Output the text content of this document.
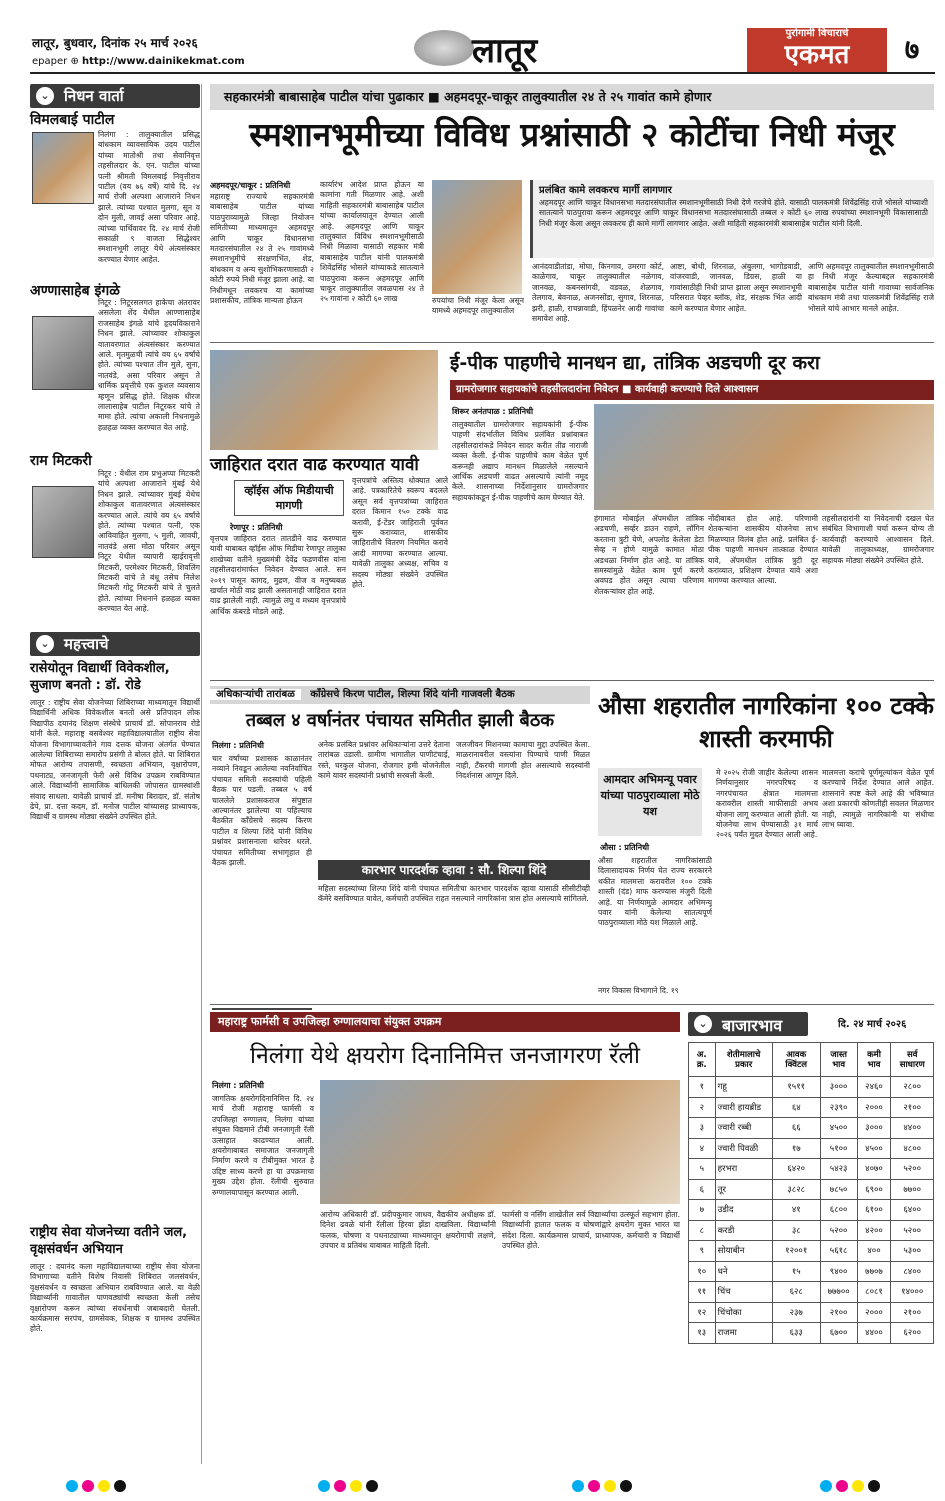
लातूर, बुधवार, दिनांक २५ मार्च २०२६
epaper ⊕ http://www.dainikekmat.com	लातूर	पुरोगामी विचाराचे
एकमत	७
⌄ निधन वार्ता
विमलबाई पाटील
निलंगा : तालुक्यातील प्रसिद्ध बांधकाम व्यावसायिक उदय पाटील यांच्या मातोश्री तथा सेवानिवृत्त तहसीलदार के. एन. पाटील यांच्या पत्नी श्रीमती विमलबाई निवृत्तीराव पाटील (वय ७६ वर्षे) यांचे दि. २४ मार्च रोजी अल्पशा आजाराने निधन झाले. त्यांच्या पश्चात मुलगा, सून व दोन मुली, जावई असा परिवार आहे. त्यांच्या पार्थिवावर दि. २४ मार्च रोजी सकाळी ९ वाजता सिद्धेश्वर स्मशानभूमी लातूर येथे अंत्यसंस्कार करण्यात येणार आहेत.
अण्णासाहेब इंगळे
निटूर : निटूरसलगत हाकेचा अंतरावर असलेला शेंद येथील आण्णासाहेब राजसाहेब इंगळे यांचे हृदयविकाराने निधन झाले. त्यांच्यावर शोकाकुल वातावरणात अंत्यसंस्कार करण्यात आले. मृतमुळची त्यांचे वय ६५ वर्षांचे होते. त्यांच्या पश्चात तीन मुले, सुना, नातवंडे, असा परिवार असून ते धार्मिक प्रवृत्तीचे एक कुशल व्यवसाय म्हणून प्रसिद्ध होते. शिक्षक धीरज लालासाहेब पाटील निटूरकर यांचे ते मामा होते. त्यांचा अकाली निधनामुळे हळहळ व्यक्त करण्यात येत आहे.
राम मिटकरी
निटूर : येथील राम प्रभुअप्पा मिटकरी यांचे अल्पशा आजाराने मुंबई येथे निधन झाले. त्यांच्यावर मुंबई येथेच शोकाकुल वातावरणात अंत्यसंस्कार करण्यात आले. त्यांचे वय ६५ वर्षांचे होते. त्यांच्या पश्चात पत्नी, एक आविवाहित मुलगा, ५ मुली, जावयी, नातवंडे असा मोठा परिवार असून निटूर येथील व्यापारी व्हाईरावृत्ती मिटकरी, परमेश्वर मिटकरी, शिवलिंग मिटकरी यांचे ते बंधू तसेच निलेश मिटकरी गोटू मिटकरी यांचे ते चुलते होते. त्यांच्या निधनाने हळहळ व्यक्त करण्यात येत आहे.
⌄ महत्त्वाचे
रासेयोतून विद्यार्थी विवेकशील, सुजाण बनतो : डॉ. रोडे
लातूर : राष्ट्रीय सेवा योजनेच्या शिबिराच्या माध्यमातून विद्यार्थी विद्यार्थिनी अधिक विवेकशील बनतो असे प्रतिपादन लोक विद्यापीठ दयानंद शिक्षण संस्थेचे प्राचार्य डॉ. सोपानराव रोडे यांनी केले. महाराष्ट्र बसवेश्वर महाविद्यालयातील राष्ट्रीय सेवा योजना विभागाच्यावतीने गाव दत्तक योजना अंतर्गत घेण्यात आलेल्या शिबिराच्या समारोप प्रसंगी ते बोलत होते. या शिबिरात मोफत आरोग्य तपासणी, स्वच्छता अभियान, वृक्षारोपण, पथनाट्य, जनजागृती फेरी असे विविध उपक्रम राबविण्यात आले. विद्यार्थ्यांनी सामाजिक बांधिलकी जोपासत ग्रामस्थांशी संवाद साधला. यावेळी प्राचार्य डॉ. मनीषा बिरादार, डॉ. संतोष ढेपे, प्रा. दत्ता कदम, डॉ. मनोज पाटील यांच्यासह प्राध्यापक, विद्यार्थी व ग्रामस्थ मोठ्या संख्येने उपस्थित होते.
राष्ट्रीय सेवा योजनेच्या वतीने जल, वृक्षसंवर्धन अभियान
लातूर : दयानंद कला महाविद्यालयाच्या राष्ट्रीय सेवा योजना विभागाच्या वतीने विशेष निवासी शिबिरात जलसंवर्धन, वृक्षसंवर्धन व स्वच्छता अभियान राबविण्यात आले. या वेळी विद्यार्थ्यांनी गावातील पाणवठ्यांची स्वच्छता केली तसेच वृक्षारोपण करून त्यांच्या संवर्धनाची जबाबदारी घेतली. कार्यक्रमास सरपंच, ग्रामसेवक, शिक्षक व ग्रामस्थ उपस्थित होते.
सहकारमंत्री बाबासाहेब पाटील यांचा पुढाकार ■ अहमदपूर-चाकूर तालुक्यातील २४ ते २५ गावांत कामे होणार
स्मशानभूमीच्या विविध प्रश्नांसाठी २ कोटींचा निधी मंजूर
अहमदपूर/चाकूर : प्रतिनिधी
महाराष्ट्र राज्याचे सहकारमंत्री बाबासाहेब पाटील यांच्या पाठपुराव्यामुळे जिल्हा नियोजन समितीच्या माध्यमातून अहमदपूर आणि चाकूर विधानसभा मतदारसंघातील २४ ते २५ गावांमध्ये स्मशानभूमीचे संरक्षणभिंत, शेड, बांधकाम व अन्य सुशोभिकरणासाठी २ कोटी रुपये निधी मंजूर झाला आहे. या निधीमधून लवकरच या कामांच्या प्रशासकीय, तांत्रिक मान्यता होऊन
कार्यारंभ आदेश प्राप्त होऊन या कामांना गती मिळणार आहे. अशी माहिती सहकारमंत्री बाबासाहेब पाटील यांच्या कार्यालयातून देण्यात आली आहे. अहमदपूर आणि चाकूर तालुक्यात विविध स्मशानभूमीसाठी निधी मिळावा यासाठी सहकार मंत्री बाबासाहेब पाटील यांनी पालकमंत्री शिवेंद्रसिंह भोसले यांच्याकडे सातत्याने पाठपुरावा करून अहमदपूर आणि चाकूर तालुक्यातील जवळपास २४ ते २५ गावांना २ कोटी ६० लाख	रुपयांचा निधी मंजूर केला असून यामध्ये अहमदपूर तालुक्यातील
प्रलंबित कामे लवकरच मार्गी लागणार
अहमदपूर आणि चाकूर विधानसभा मतदारसंघातील स्मशानभूमीसाठी निधी देणे गरजेचे होते. यासाठी पालकमंत्री शिवेंद्रसिंह राजे भोसले यांच्याशी सातत्याने पाठपुरावा करून अहमदपूर आणि चाकूर विधानसभा मतदारसंघासाठी तब्बल २ कोटी ६० लाख रुपयांच्या स्मशानभूमी विकासासाठी निधी मंजूर केला असून लवकरच ही कामे मार्गी लागणार आहेत. अशी माहिती सहकारमंत्री बाबासाहेब पाटील यांनी दिली.
आनंदवाडीतांडा, मोघा, किनगाव, उमरगा कोर्ट, काळेगाव, चाकूर तालुक्यातील नळेगाव, जानवळ, कबनसांगवी, वडवळ, शेळगाव, तेलगाव, बेवनाळ, अजनसोंडा, सुगाव, शिरनाळ, झरी, हाळी, राचन्नावाडी, हिंपळनेर आदी गावांचा समावेश आहे.
आष्टा, बोथी, शिरनाळ, अंबुलगा, भागोडवाडी, वांजरवाडी, जानवळ, डिग्रस, हाळी या गावांसाठीही निधी प्राप्त झाला असून स्मशानभूमी परिसरात पेव्हर ब्लॉक, शेड, संरक्षक भिंत आदी कामे करण्यात येणार आहेत.
आणि अहमदपूर तालुक्यातील स्मशानभूमीसाठी हा निधी मंजूर केल्याबद्दल सहकारमंत्री बाबासाहेब पाटील यांनी गावाच्या सार्वजनिक बांधकाम मंत्री तथा पालकमंत्री शिवेंद्रसिंह राजे भोसले यांचे आभार मानले आहेत.
जाहिरात दरात वाढ करण्यात यावी
व्हॉईस ऑफ मिडीयाची मागणी
रेणापूर : प्रतिनिधी
वृत्तपत्र जाहिरात दरात तातडीने वाढ करण्यात यावी याबाबत व्हॉईस ऑफ मिडीया रेणापूर तालुका शाखेच्या वतीने मुख्यमंत्री देवेंद्र फडणवीस यांना तहसीलदारांमार्फत निवेदन देण्यात आले. सन २०१९ पासून कागद, मुद्रण, वीज व मनुष्यबळ खर्चात मोठी वाढ झाली असतानाही जाहिरात दरात वाढ झालेली नाही. त्यामुळे लघु व मध्यम वृत्तपत्रांचे आर्थिक कंबरडे मोडले आहे.
वृत्तपत्रांचे अस्तित्व धोक्यात आले आहे. पत्रकारितेचे स्वरूप बदलले असून सर्व वृत्तपत्रांच्या जाहिरात दरात किमान १५० टक्के वाढ करावी, ई-टेंडर जाहिराती पूर्ववत सुरू कराव्यात, शासकीय जाहिरातीचे वितरण नियमित करावे आदी मागण्या करण्यात आल्या. यावेळी तालुका अध्यक्ष, सचिव व सदस्य मोठ्या संख्येने उपस्थित होते.
ई-पीक पाहणीचे मानधन द्या, तांत्रिक अडचणी दूर करा
ग्रामरोजगार सहायकांचे तहसीलदारांना निवेदन ■ कार्यवाही करण्याचे दिले आश्वासन
शिरूर अनंतपाळ : प्रतिनिधी
तालुक्यातील ग्रामरोजगार सहायकांनी ई-पीक पाहणी संदर्भातील विविध प्रलंबित प्रश्नांबाबत तहसीलदारांकडे निवेदन सादर करीत तीव्र नाराजी व्यक्त केली. ई-पीक पाहणीचे काम वेळेत पूर्ण करूनही अद्याप मानधन मिळालेले नसल्याने आर्थिक अडचणी वाढत असल्याचे त्यांनी नमूद केले. शासनाच्या निर्देशानुसार ग्रामरोजगार सहायकांकडून ई-पीक पाहणीचे काम घेण्यात येते.
हंगामात मोबाईल अ‍ॅपमधील तांत्रिक अडचणी, सर्व्हर डाउन राहणे, लॉगिन करताना त्रुटी येणे, अपलोड केलेला डेटा सेव्ह न होणे यामुळे कामात मोठा अडथळा निर्माण होत आहे. या तांत्रिक समस्यांमुळे वेळेत काम पूर्ण करणे अवघड होत असून त्याचा परिणाम शेतकऱ्यांवर होत आहे.
नोंदीबाबत होत आहे. परिणामी शेतकऱ्यांना शासकीय योजनेचा लाभ मिळण्यात विलंब होत आहे. प्रलंबित ई-पीक पाहणी मानधन तात्काळ देण्यात यावे, अ‍ॅपमधील तांत्रिक त्रुटी दूर कराव्यात, प्रशिक्षण देण्यात यावे अशा मागण्या करण्यात आल्या.
तहसीलदारांनी या निवेदनाची दखल घेत संबंधित विभागाशी चर्चा करून योग्य ती कार्यवाही करण्याचे आश्वासन दिले. यावेळी तालुकाध्यक्ष, ग्रामरोजगार सहायक मोठ्या संख्येने उपस्थित होते.
अधिकाऱ्यांची तारांबळ काँग्रेसचे किरण पाटील, शिल्पा शिंदे यांनी गाजवली बैठक
तब्बल ४ वर्षानंतर पंचायत समितीत झाली बैठक
निलंगा : प्रतिनिधी
चार वर्षांच्या प्रशासक काळानंतर नव्याने निवडून आलेल्या नवनिर्वाचित पंचायत समिती सदस्यांची पहिली बैठक पार पडली. तब्बल ५ वर्ष चाललेले प्रशासकराज संपुष्टात आल्यानंतर झालेल्या या पहिल्याच बैठकीत काँग्रेसचे सदस्य किरण पाटील व शिल्पा शिंदे यांनी विविध प्रश्नांवर प्रशासनाला धारेवर धरले. पंचायत समितीच्या सभागृहात ही बैठक झाली.
अनेक प्रलंबित प्रश्नांवर अधिकाऱ्यांना उत्तरे देताना तारांबळ उडाली. ग्रामीण भागातील पाणीटंचाई, रस्ते, घरकुल योजना, रोजगार हमी योजनेतील कामे यावर सदस्यांनी प्रश्नांची सरबत्ती केली.
कारभार पारदर्शक व्हावा : सौ. शिल्पा शिंदे
महिला सदस्यांच्या शिल्पा शिंदे यांनी पंचायत समितीचा कारभार पारदर्शक व्हावा यासाठी सीसीटीव्ही कॅमेरे बसविण्यात यावेत, कर्मचारी उपस्थित राहत नसल्याने नागरिकांना त्रास होत असल्याचे सांगितले.
जलजीवन मिशनच्या कामाचा मुद्दा उपस्थित केला. माळरानावरील वस्त्यांना पिण्याचे पाणी मिळत नाही, टँकरची मागणी होत असल्याचे सदस्यांनी निदर्शनास आणून दिले.
औसा शहरातील नागरिकांना १०० टक्के शास्ती करमाफी
आमदार अभिमन्यू पवार यांच्या पाठपुराव्याला मोठे यश
औसा : प्रतिनिधी
औसा शहरातील नागरिकांसाठी दिलासादायक निर्णय घेत राज्य सरकारने थकीत मालमत्ता करावरील १०० टक्के शास्ती (दंड) माफ करण्यास मंजुरी दिली आहे. या निर्णयामुळे आमदार अभिमन्यू पवार यांनी केलेल्या सातत्यपूर्ण पाठपुराव्याला मोठे यश मिळाले आहे.
मे २०२५ रोजी जाहीर केलेल्या शासन निर्णयानुसार नगरपरिषद व नगरपंचायत क्षेत्रात मालमत्ता करावरील शास्ती माफीसाठी अभय योजना लागू करण्यात आली होती. या योजनेचा लाभ घेण्यासाठी ३१ मार्च २०२६ पर्यंत मुदत देण्यात आली आहे.
मालमत्ता कराचे पूर्णमूल्यांकन वेळेत पूर्ण करण्याचे निर्देश देण्यात आले आहेत. शासनाने स्पष्ट केले आहे की भविष्यात अशा प्रकारची कोणतीही सवलत मिळणार नाही, त्यामुळे नागरिकांनी या संधीचा लाभ घ्यावा.
नगर विकास विभागाने दि. १९
महाराष्ट्र फार्मसी व उपजिल्हा रुग्णालयाचा संयुक्त उपक्रम
निलंगा येथे क्षयरोग दिनानिमित्त जनजागरण रॅली
निलंगा : प्रतिनिधी
जागतिक क्षयरोगदिनानिमित्त दि. २४ मार्च रोजी महाराष्ट्र फार्मसी व उपजिल्हा रुग्णालय, निलंगा यांच्या संयुक्त विद्यमाने टीबी जनजागृती रॅली उत्साहात काढण्यात आली. क्षयरोगाबाबत समाजात जनजागृती निर्माण करणे व टीबीमुक्त भारत हे उद्दिष्ट साध्य करणे हा या उपक्रमाचा मुख्य उद्देश होता. रॅलीची सुरुवात रुग्णालयापासून करण्यात आली.
आरोग्य अधिकारी डॉ. प्रदीपकुमार जाधव, वैद्यकीय अधीक्षक डॉ. दिनेश ढवळे यांनी रॅलीला हिरवा झेंडा दाखविला. विद्यार्थ्यांनी फलक, घोषणा व पथनाट्याच्या माध्यमातून क्षयरोगाची लक्षणे, उपचार व प्रतिबंध याबाबत माहिती दिली.
फार्मसी व नर्सिंग शाखेतील सर्व विद्यार्थ्यांचा उत्स्फूर्त सहभाग होता. विद्यार्थ्यांनी हातात फलक व घोषणांद्वारे क्षयरोग मुक्त भारत चा संदेश दिला. कार्यक्रमास प्राचार्य, प्राध्यापक, कर्मचारी व विद्यार्थी उपस्थित होते.
⌄ बाजारभाव	दि. २४ मार्च २०२६
अ. क्र.	शेतीमालाचे प्रकार	आवक क्विंटल	जास्त भाव	कमी भाव	सर्व साधारण
१	गहू	१५११	३०००	२४६०	२८००
२	ज्वारी हायब्रीड	६४	२३९०	२०००	२१००
३	ज्वारी रब्बी	६६	४५००	३०००	४४००
४	ज्वारी पिवळी	१७	५१००	४५००	४८००
५	हरभरा	६४२०	५४२३	४०७०	५२००
६	तूर	३८२८	७८५०	६९००	७७००
७	उडीद	४१	६८००	६१००	६४००
८	करडी	३८	५२००	४२००	५२००
९	सोयाबीन	१२००१	५६१८	४००	५३००
१०	धने	१५	९४००	७७०७	८४००
११	चिंच	६२८	७७७००	८०८१	१४०००
१२	चिंचोका	२३७	२१००	२०००	२१००
१३	राजमा	६३३	६७००	४४००	६२००
